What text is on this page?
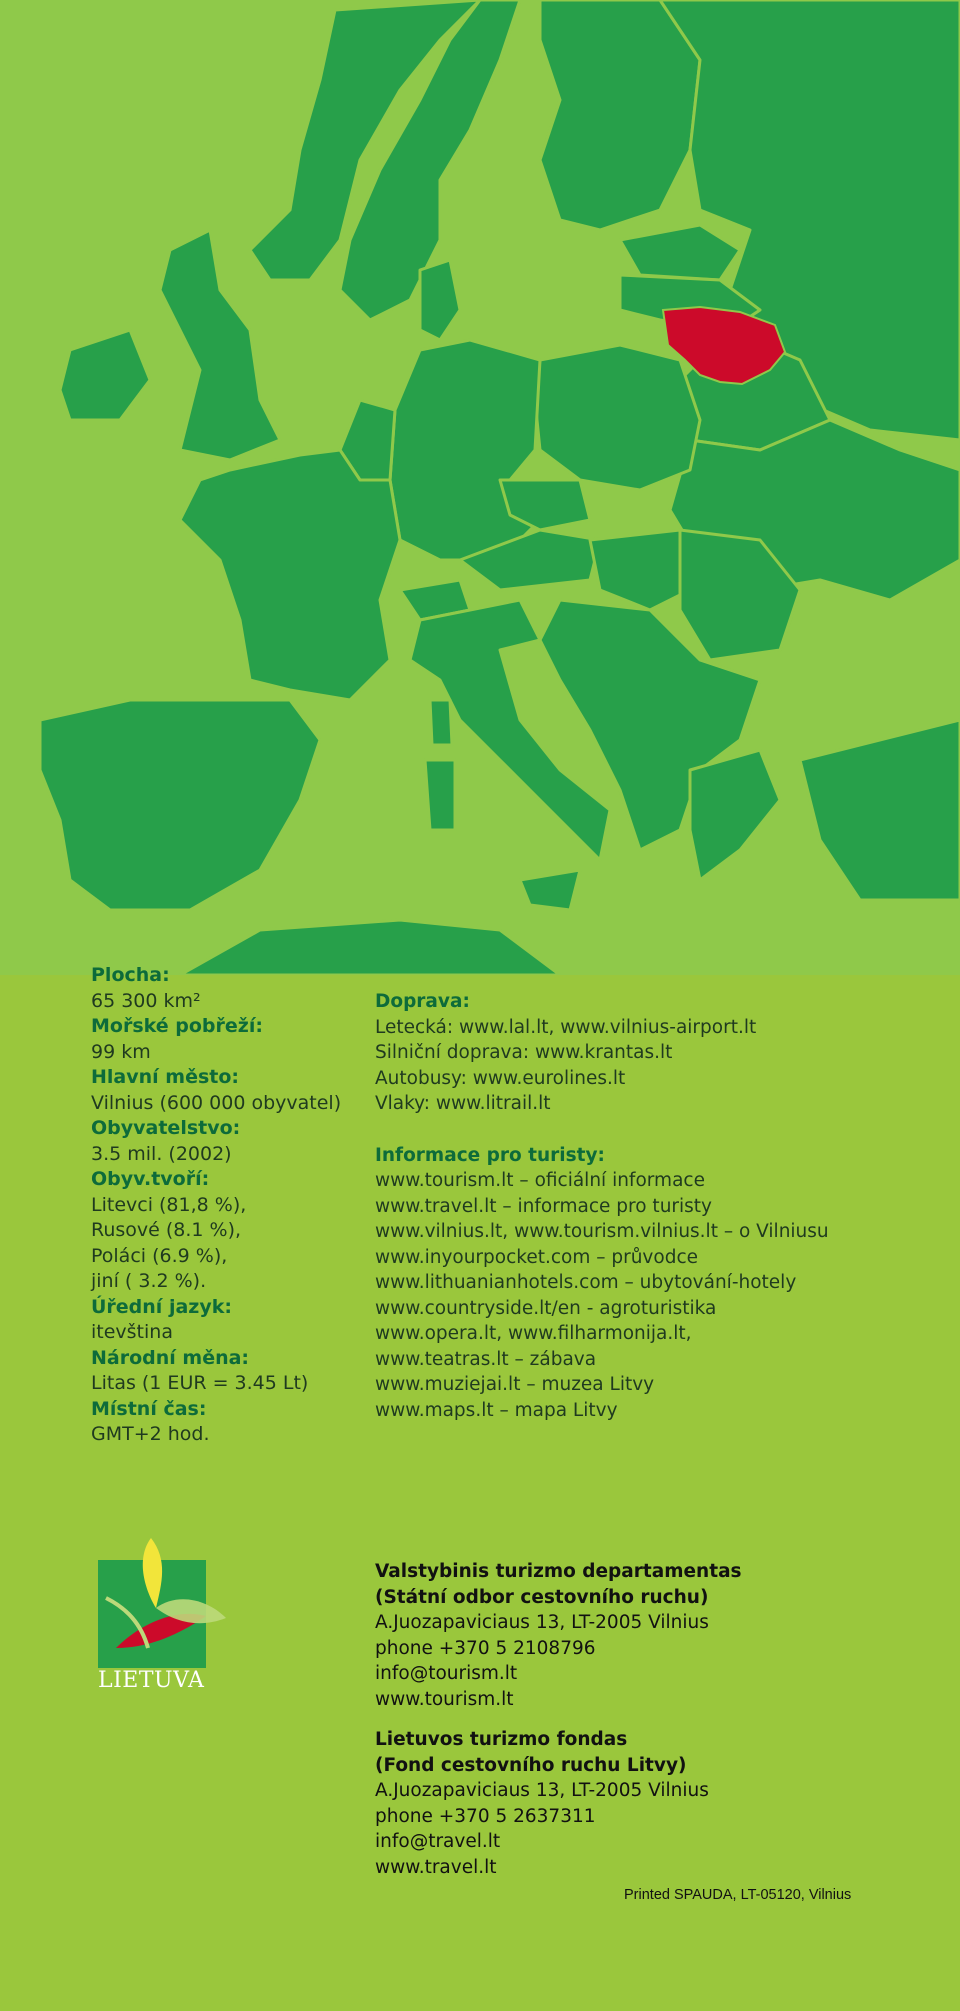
Plocha:
65 300 km²
Mořské pobřeží:
99 km
Hlavní město:
Vilnius (600 000 obyvatel)
Obyvatelstvo:
3.5 mil. (2002)
Obyv.tvoří:
Litevci (81,8 %),
Rusové (8.1 %),
Poláci (6.9 %),
jiní ( 3.2 %).
Úřední jazyk:
itevština
Národní měna:
Litas (1 EUR = 3.45 Lt)
Místní čas:
GMT+2 hod.
Doprava:
Letecká: www.lal.lt, www.vilnius-airport.lt
Silniční doprava: www.krantas.lt
Autobusy: www.eurolines.lt
Vlaky: www.litrail.lt
Informace pro turisty:
www.tourism.lt – oficiální informace
www.travel.lt – informace pro turisty
www.vilnius.lt, www.tourism.vilnius.lt – o Vilniusu
www.inyourpocket.com – průvodce
www.lithuanianhotels.com – ubytování-hotely
www.countryside.lt/en - agroturistika
www.opera.lt, www.filharmonija.lt,
www.teatras.lt – zábava
www.muziejai.lt – muzea Litvy
www.maps.lt – mapa Litvy
LIETUVA
Valstybinis turizmo departamentas
(Státní odbor cestovního ruchu)
A.Juozapaviciaus 13, LT-2005 Vilnius
phone +370 5 2108796
info@tourism.lt
www.tourism.lt
Lietuvos turizmo fondas
(Fond cestovního ruchu Litvy)
A.Juozapaviciaus 13, LT-2005 Vilnius
phone +370 5 2637311
info@travel.lt
www.travel.lt
Printed SPAUDA, LT-05120, Vilnius
